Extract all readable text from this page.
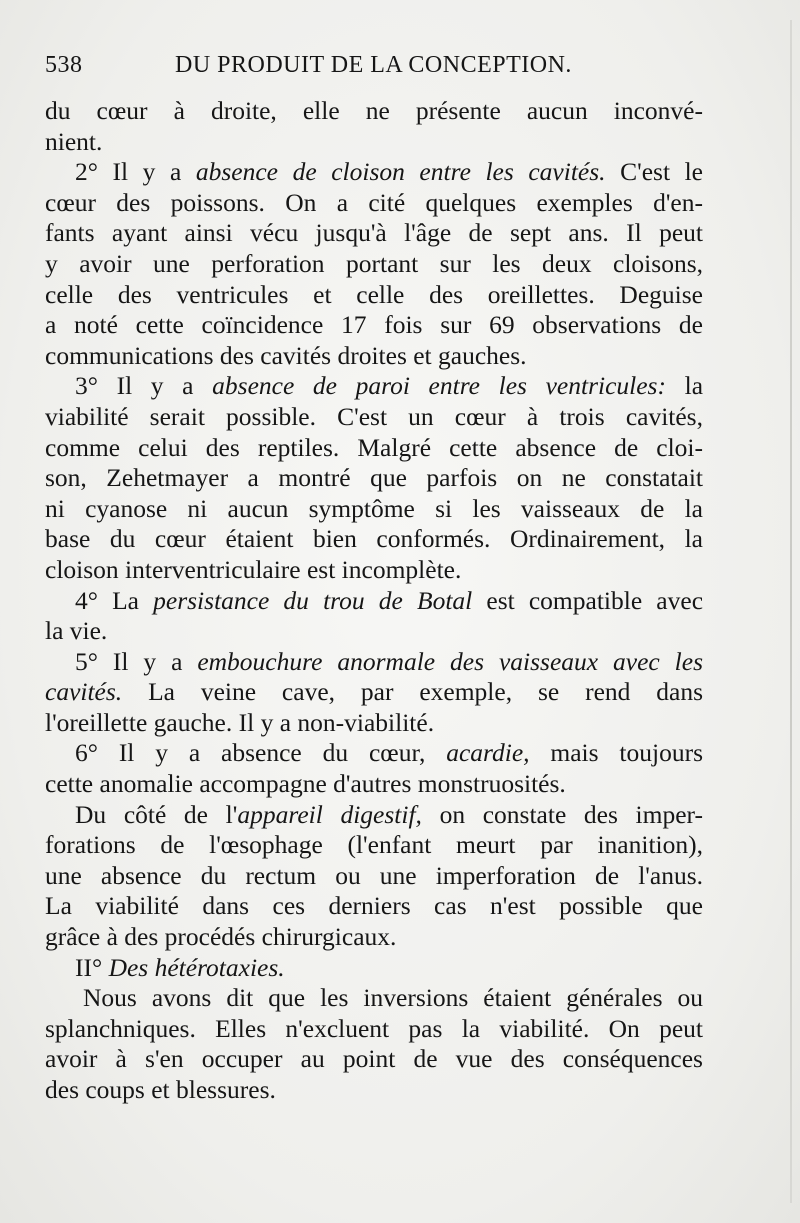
538	DU PRODUIT DE LA CONCEPTION.
du cœur à droite, elle ne présente aucun inconvé-
nient.
2° Il y a absence de cloison entre les cavités. C'est le
cœur des poissons. On a cité quelques exemples d'en-
fants ayant ainsi vécu jusqu'à l'âge de sept ans. Il peut
y avoir une perforation portant sur les deux cloisons,
celle des ventricules et celle des oreillettes. Deguise
a noté cette coïncidence 17 fois sur 69 observations de
communications des cavités droites et gauches.
3° Il y a absence de paroi entre les ventricules: la
viabilité serait possible. C'est un cœur à trois cavités,
comme celui des reptiles. Malgré cette absence de cloi-
son, Zehetmayer a montré que parfois on ne constatait
ni cyanose ni aucun symptôme si les vaisseaux de la
base du cœur étaient bien conformés. Ordinairement, la
cloison interventriculaire est incomplète.
4° La persistance du trou de Botal est compatible avec
la vie.
5° Il y a embouchure anormale des vaisseaux avec les
cavités. La veine cave, par exemple, se rend dans
l'oreillette gauche. Il y a non-viabilité.
6° Il y a absence du cœur, acardie, mais toujours
cette anomalie accompagne d'autres monstruosités.
Du côté de l'appareil digestif, on constate des imper-
forations de l'œsophage (l'enfant meurt par inanition),
une absence du rectum ou une imperforation de l'anus.
La viabilité dans ces derniers cas n'est possible que
grâce à des procédés chirurgicaux.
II° Des hétérotaxies.
Nous avons dit que les inversions étaient générales ou
splanchniques. Elles n'excluent pas la viabilité. On peut
avoir à s'en occuper au point de vue des conséquences
des coups et blessures.
